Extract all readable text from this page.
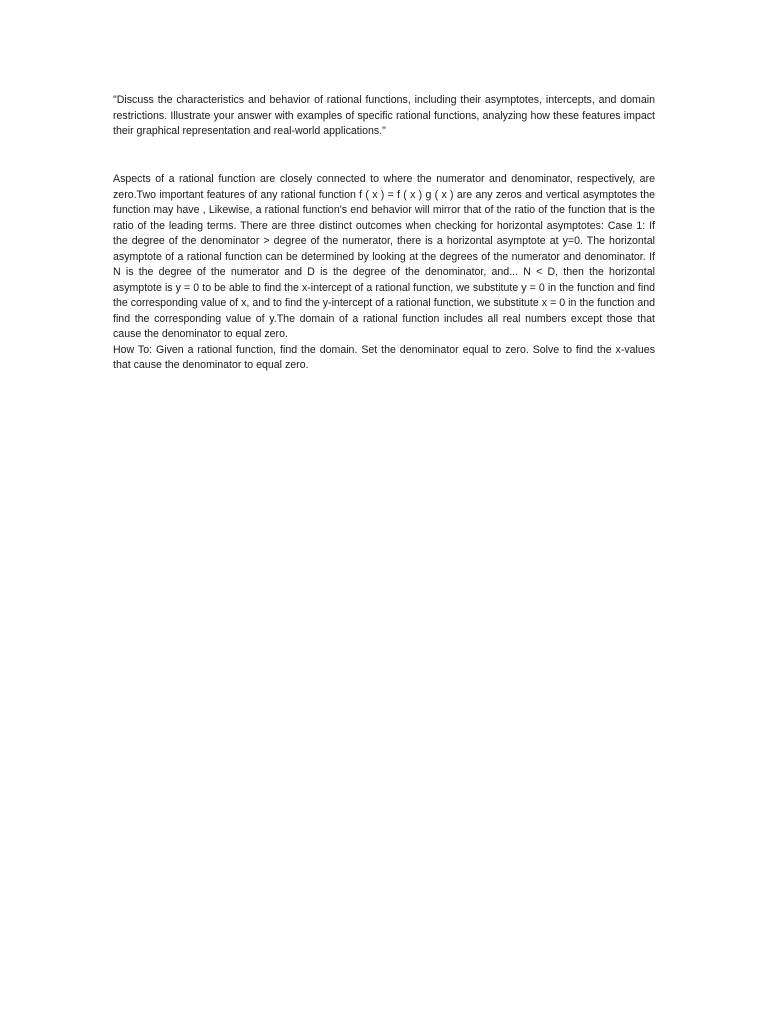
"Discuss the characteristics and behavior of rational functions, including their asymptotes, intercepts, and domain restrictions. Illustrate your answer with examples of specific rational functions, analyzing how these features impact their graphical representation and real-world applications."

Aspects of a rational function are closely connected to where the numerator and denominator, respectively, are zero.Two important features of any rational function f ( x ) = f ( x ) g ( x ) are any zeros and vertical asymptotes the function may have , Likewise, a rational function's end behavior will mirror that of the ratio of the function that is the ratio of the leading terms. There are three distinct outcomes when checking for horizontal asymptotes: Case 1: If the degree of the denominator > degree of the numerator, there is a horizontal asymptote at y=0. The horizontal asymptote of a rational function can be determined by looking at the degrees of the numerator and denominator. If N is the degree of the numerator and D is the degree of the denominator, and... N < D, then the horizontal asymptote is y = 0 to be able to find the x-intercept of a rational function, we substitute y = 0 in the function and find the corresponding value of x, and to find the y-intercept of a rational function, we substitute x = 0 in the function and find the corresponding value of y.The domain of a rational function includes all real numbers except those that cause the denominator to equal zero.

How To: Given a rational function, find the domain. Set the denominator equal to zero. Solve to find the x-values that cause the denominator to equal zero.
